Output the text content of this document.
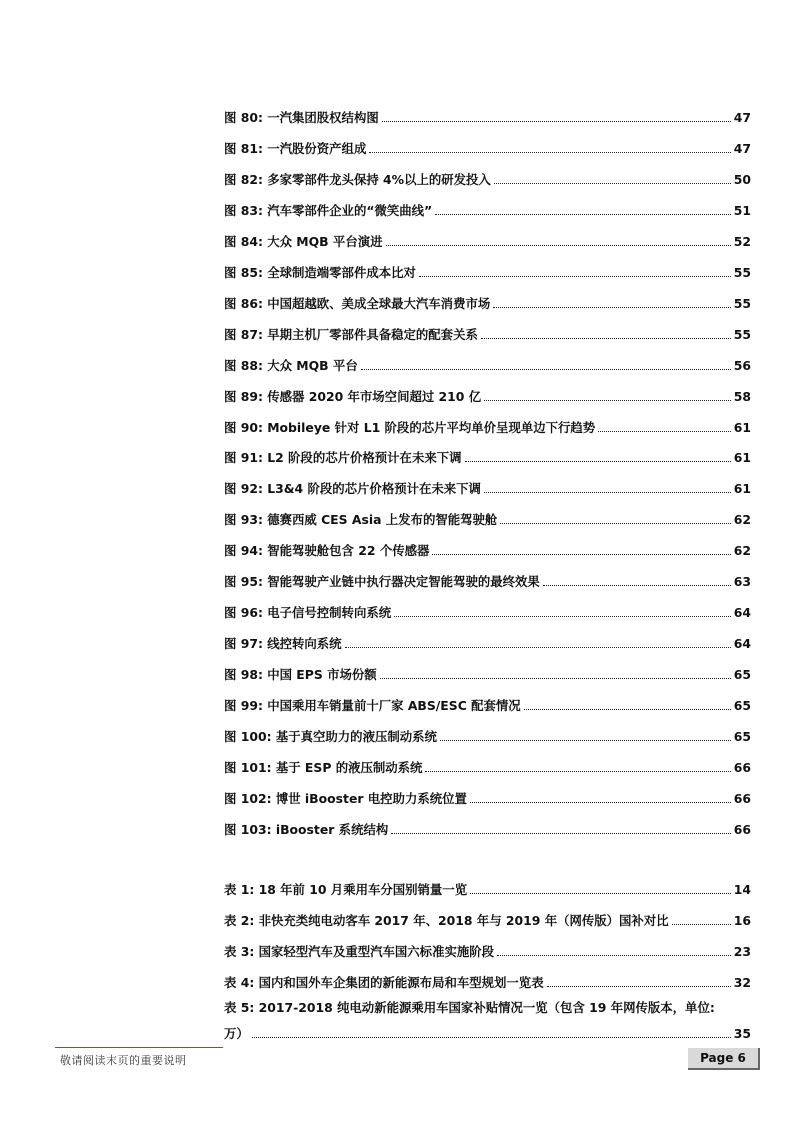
图 80: 一汽集团股权结构图	47
图 81: 一汽股份资产组成	47
图 82: 多家零部件龙头保持 4%以上的研发投入	50
图 83: 汽车零部件企业的“微笑曲线”	51
图 84: 大众 MQB 平台演进	52
图 85: 全球制造端零部件成本比对	55
图 86: 中国超越欧、美成全球最大汽车消费市场	55
图 87: 早期主机厂零部件具备稳定的配套关系	55
图 88: 大众 MQB 平台	56
图 89: 传感器 2020 年市场空间超过 210 亿	58
图 90: Mobileye 针对 L1 阶段的芯片平均单价呈现单边下行趋势	61
图 91: L2 阶段的芯片价格预计在未来下调	61
图 92: L3&4 阶段的芯片价格预计在未来下调	61
图 93: 德赛西威 CES Asia 上发布的智能驾驶舱	62
图 94: 智能驾驶舱包含 22 个传感器	62
图 95: 智能驾驶产业链中执行器决定智能驾驶的最终效果	63
图 96: 电子信号控制转向系统	64
图 97: 线控转向系统	64
图 98: 中国 EPS 市场份额	65
图 99: 中国乘用车销量前十厂家 ABS/ESC 配套情况	65
图 100: 基于真空助力的液压制动系统	65
图 101: 基于 ESP 的液压制动系统	66
图 102: 博世 iBooster 电控助力系统位置	66
图 103: iBooster 系统结构	66
表 1: 18 年前 10 月乘用车分国别销量一览	14
表 2: 非快充类纯电动客车 2017 年、2018 年与 2019 年（网传版）国补对比	16
表 3: 国家轻型汽车及重型汽车国六标准实施阶段	23
表 4: 国内和国外车企集团的新能源布局和车型规划一览表	32
表 5: 2017-2018 纯电动新能源乘用车国家补贴情况一览（包含 19 年网传版本，单位:
万）	35
敬请阅读末页的重要说明	Page 6
